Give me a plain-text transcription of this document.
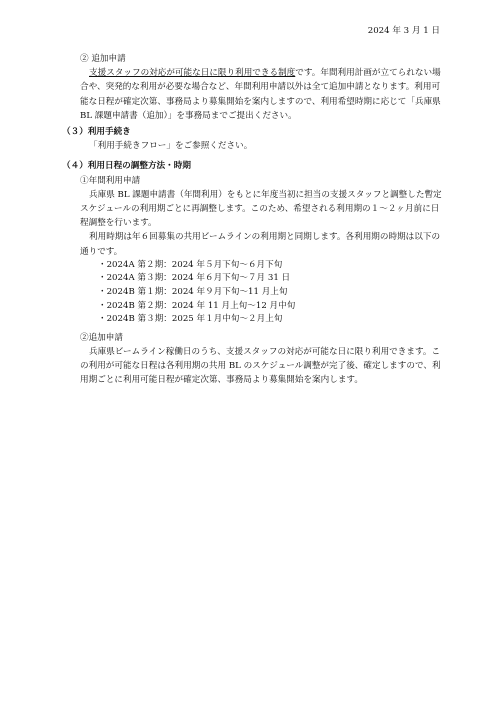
2024 年 3 月 1 日

② 追加申請

支援スタッフの対応が可能な日に限り利用できる制度です。年間利用計画が立てられない場合や、突発的な利用が必要な場合など、年間利用申請以外は全て追加申請となります。利用可能な日程が確定次第、事務局より募集開始を案内しますので、利用希望時期に応じて「兵庫県 BL 課題申請書（追加）」を事務局までご提出ください。

（３）利用手続き

「利用手続きフロー」をご参照ください。

（４）利用日程の調整方法・時期

①年間利用申請

兵庫県 BL 課題申請書（年間利用）をもとに年度当初に担当の支援スタッフと調整した暫定スケジュールの利用期ごとに再調整します。このため、希望される利用期の１～２ヶ月前に日程調整を行います。

利用時期は年６回募集の共用ビームラインの利用期と同期します。各利用期の時期は以下の通りです。

・2024A 第２期：2024 年５月下旬～６月下旬
・2024A 第３期：2024 年６月下旬～７月 31 日
・2024B 第１期：2024 年９月下旬～11 月上旬
・2024B 第２期：2024 年 11 月上旬～12 月中旬
・2024B 第３期：2025 年１月中旬～２月上旬

②追加申請

兵庫県ビームライン稼働日のうち、支援スタッフの対応が可能な日に限り利用できます。この利用が可能な日程は各利用期の共用 BL のスケジュール調整が完了後、確定しますので、利用期ごとに利用可能日程が確定次第、事務局より募集開始を案内します。
